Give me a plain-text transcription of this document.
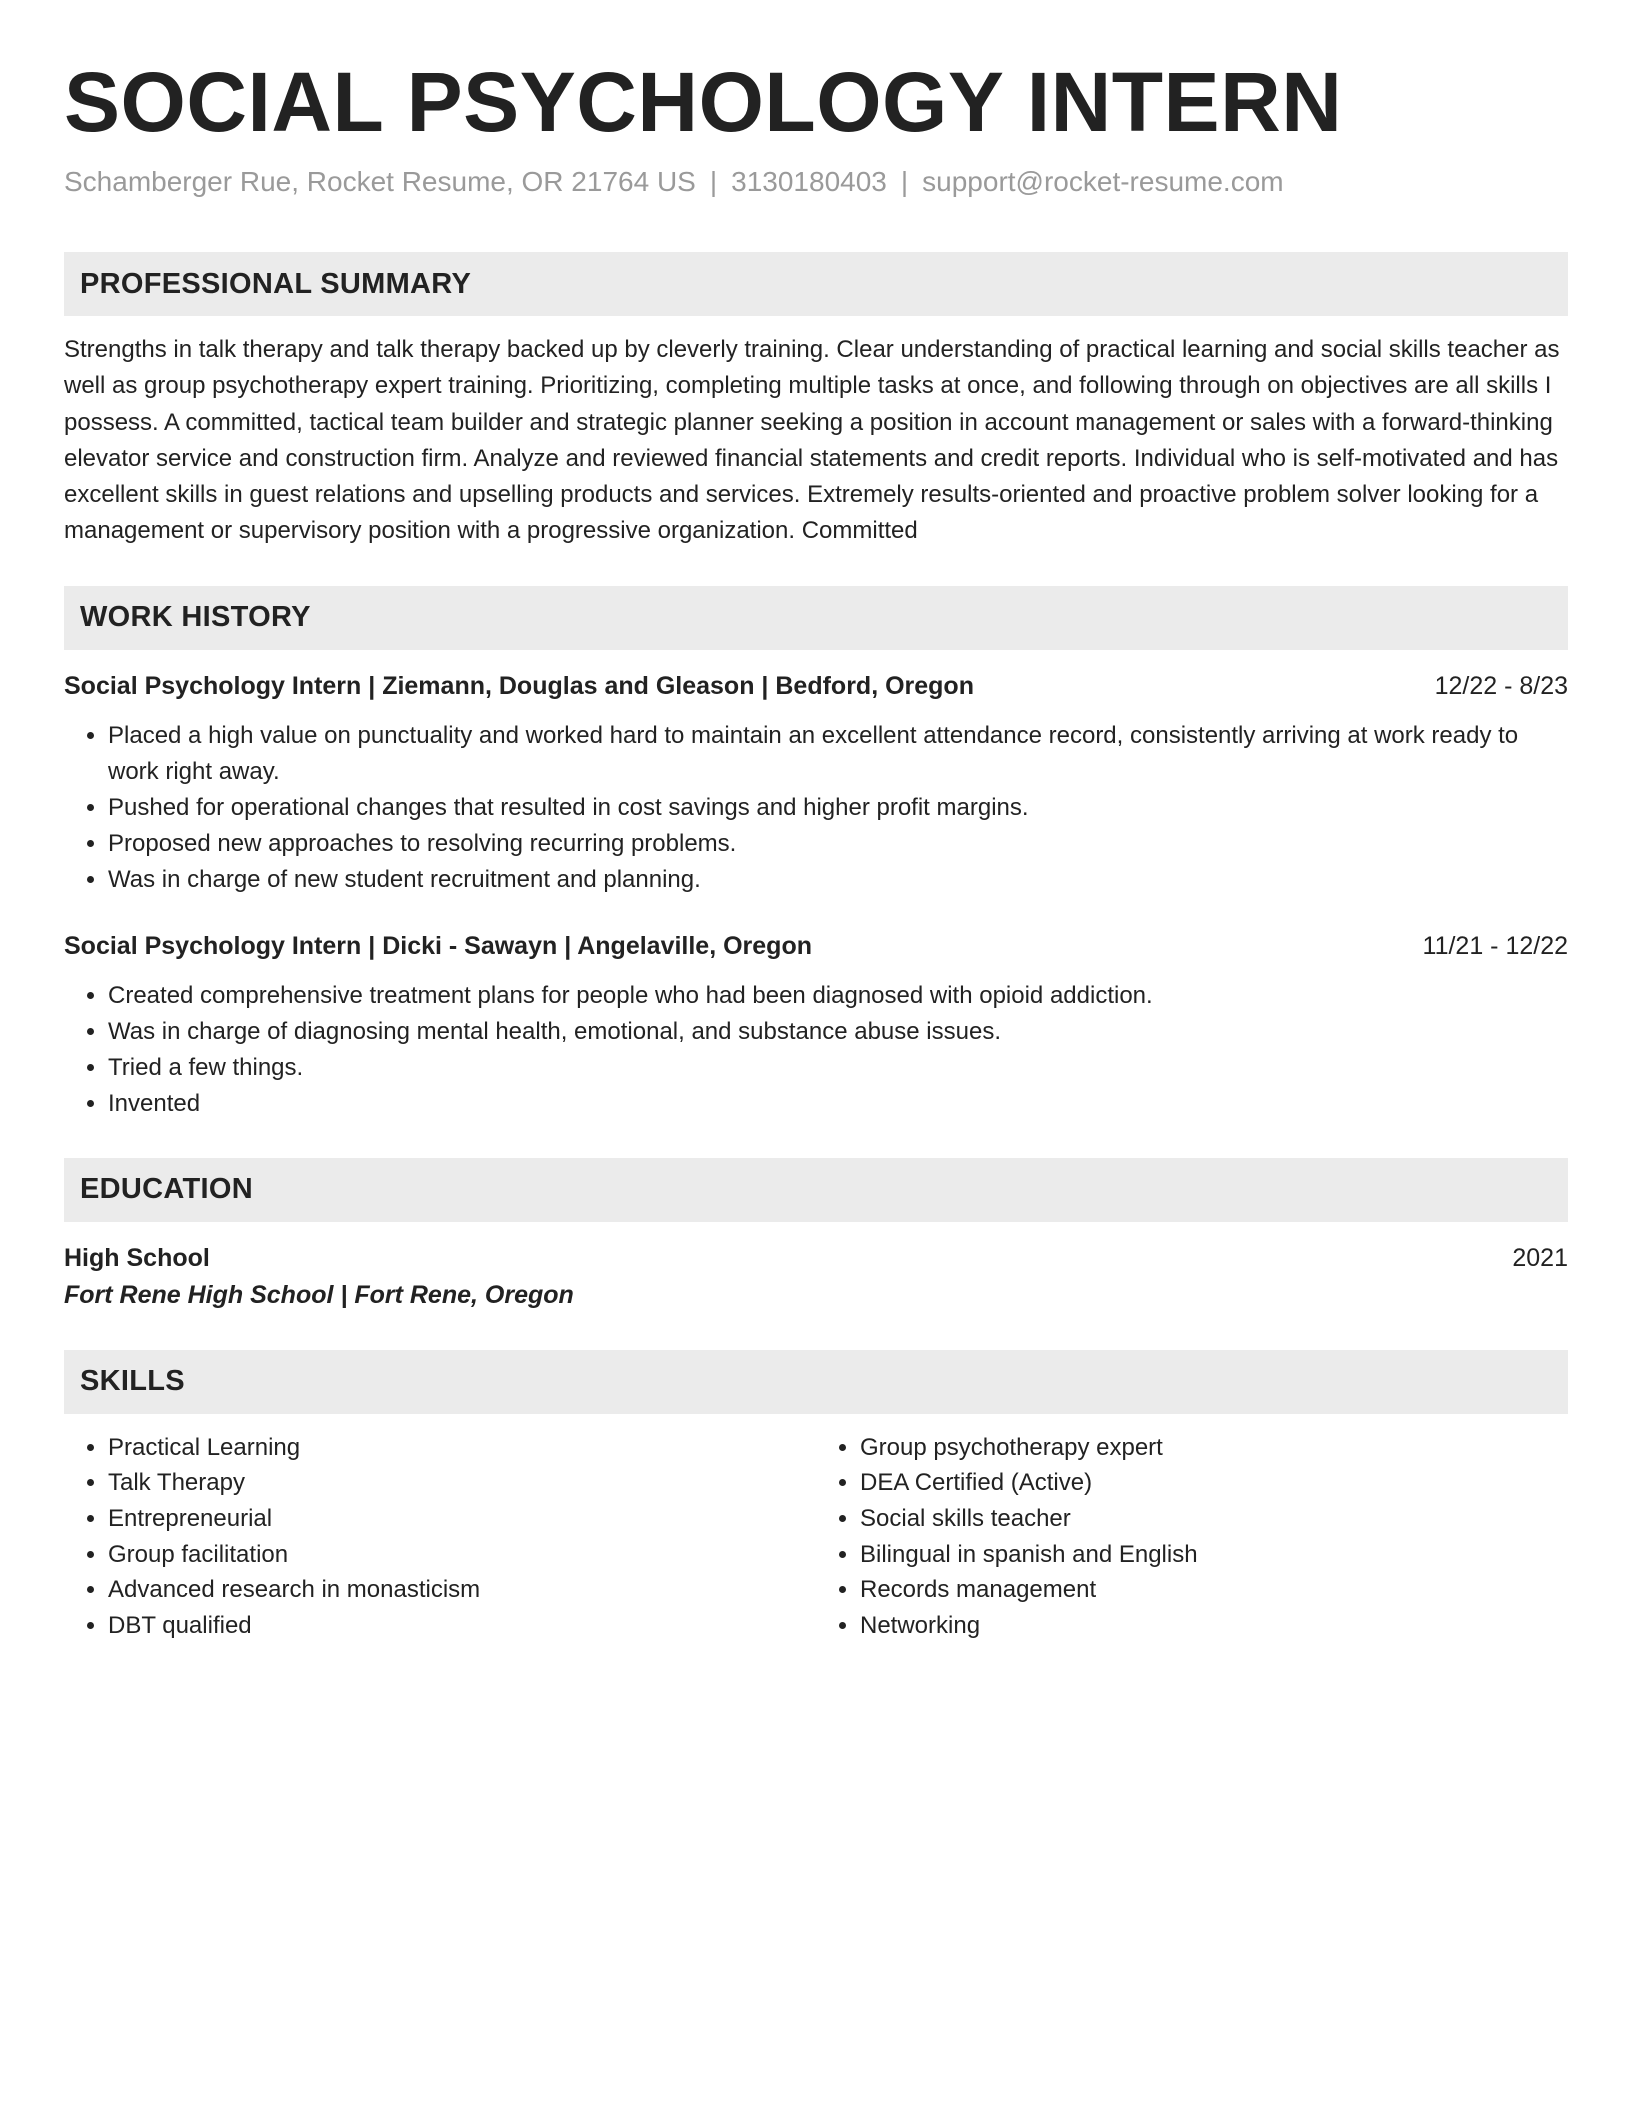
SOCIAL PSYCHOLOGY INTERN
Schamberger Rue, Rocket Resume, OR 21764 US | 3130180403 | support@rocket-resume.com
PROFESSIONAL SUMMARY

Strengths in talk therapy and talk therapy backed up by cleverly training. Clear understanding of practical learning and social skills teacher as well as group psychotherapy expert training. Prioritizing, completing multiple tasks at once, and following through on objectives are all skills I possess. A committed, tactical team builder and strategic planner seeking a position in account management or sales with a forward-thinking elevator service and construction firm. Analyze and reviewed financial statements and credit reports. Individual who is self-motivated and has excellent skills in guest relations and upselling products and services. Extremely results-oriented and proactive problem solver looking for a management or supervisory position with a progressive organization. Committed

WORK HISTORY
Social Psychology Intern | Ziemann, Douglas and Gleason | Bedford, Oregon	12/22 - 8/23
• Placed a high value on punctuality and worked hard to maintain an excellent attendance record, consistently arriving at work ready to work right away.
• Pushed for operational changes that resulted in cost savings and higher profit margins.
• Proposed new approaches to resolving recurring problems.
• Was in charge of new student recruitment and planning.
Social Psychology Intern | Dicki - Sawayn | Angelaville, Oregon	11/21 - 12/22
• Created comprehensive treatment plans for people who had been diagnosed with opioid addiction.
• Was in charge of diagnosing mental health, emotional, and substance abuse issues.
• Tried a few things.
• Invented
EDUCATION
High School	2021
Fort Rene High School | Fort Rene, Oregon
SKILLS
• Practical Learning
• Talk Therapy
• Entrepreneurial
• Group facilitation
• Advanced research in monasticism
• DBT qualified
• Group psychotherapy expert
• DEA Certified (Active)
• Social skills teacher
• Bilingual in spanish and English
• Records management
• Networking
